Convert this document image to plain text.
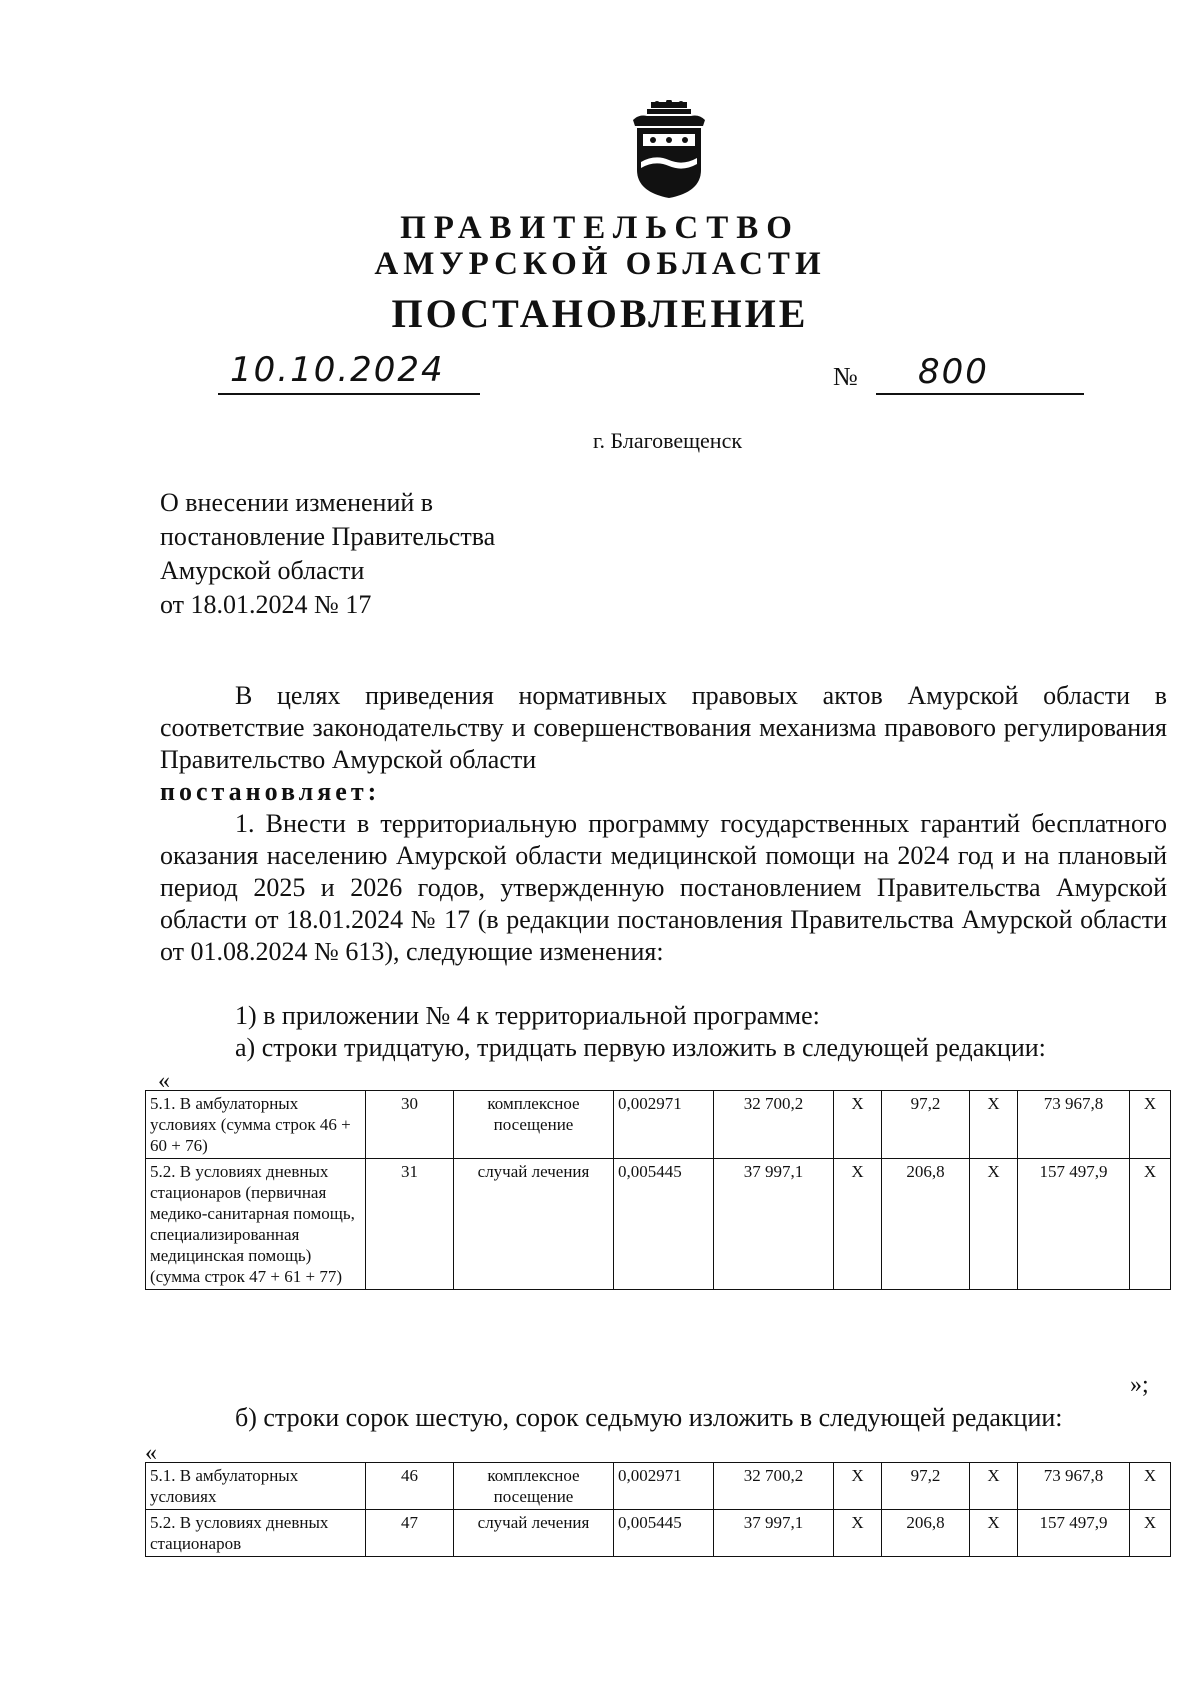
ПРАВИТЕЛЬСТВО
АМУРСКОЙ ОБЛАСТИ
ПОСТАНОВЛЕНИЕ
10.10.2024	№ 800
г. Благовещенск
О внесении изменений в
постановление Правительства
Амурской области
от 18.01.2024 № 17
В целях приведения нормативных правовых актов Амурской области в соответствие законодательству и совершенствования механизма правового регулирования Правительство Амурской области
постановляет:
1. Внести в территориальную программу государственных гарантий бесплатного оказания населению Амурской области медицинской помощи на 2024 год и на плановый период 2025 и 2026 годов, утвержденную постановлением Правительства Амурской области от 18.01.2024 № 17 (в редакции постановления Правительства Амурской области от 01.08.2024 № 613), следующие изменения:
1) в приложении № 4 к территориальной программе:
а) строки тридцатую, тридцать первую изложить в следующей редакции:
«
5.1. В амбулаторных условиях (сумма строк 46 + 60 + 76)	30	комплексное посещение	0,002971	32 700,2	X	97,2	X	73 967,8	X
5.2. В условиях дневных стационаров (первичная медико-санитарная помощь, специализированная медицинская помощь) (сумма строк 47 + 61 + 77)	31	случай лечения	0,005445	37 997,1	X	206,8	X	157 497,9	X
»;
б) строки сорок шестую, сорок седьмую изложить в следующей редакции:
«
5.1. В амбулаторных условиях	46	комплексное посещение	0,002971	32 700,2	X	97,2	X	73 967,8	X
5.2. В условиях дневных стационаров	47	случай лечения	0,005445	37 997,1	X	206,8	X	157 497,9	X
